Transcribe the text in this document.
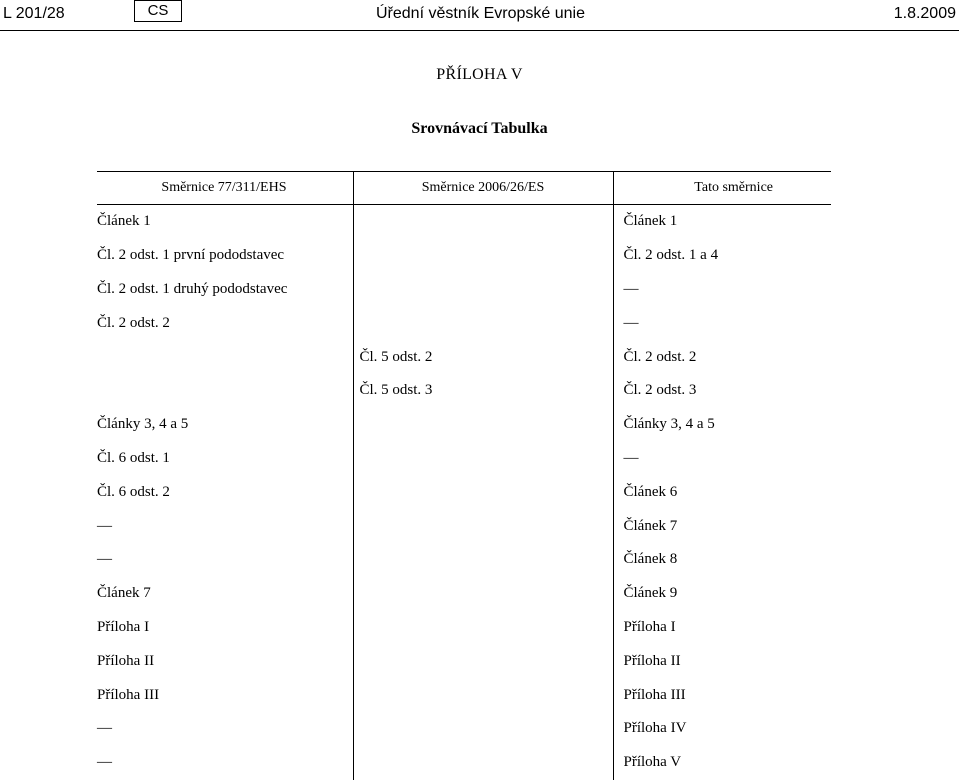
L 201/28	CS	Úřední věstník Evropské unie	1.8.2009
PŘÍLOHA V
Srovnávací Tabulka
Směrnice 77/311/EHS	Směrnice 2006/26/ES	Tato směrnice
Článek 1		Článek 1
Čl. 2 odst. 1 první pododstavec		Čl. 2 odst. 1 a 4
Čl. 2 odst. 1 druhý pododstavec		—
Čl. 2 odst. 2		—
	Čl. 5 odst. 2	Čl. 2 odst. 2
	Čl. 5 odst. 3	Čl. 2 odst. 3
Články 3, 4 a 5		Články 3, 4 a 5
Čl. 6 odst. 1		—
Čl. 6 odst. 2		Článek 6
—		Článek 7
—		Článek 8
Článek 7		Článek 9
Příloha I		Příloha I
Příloha II		Příloha II
Příloha III		Příloha III
—		Příloha IV
—		Příloha V
